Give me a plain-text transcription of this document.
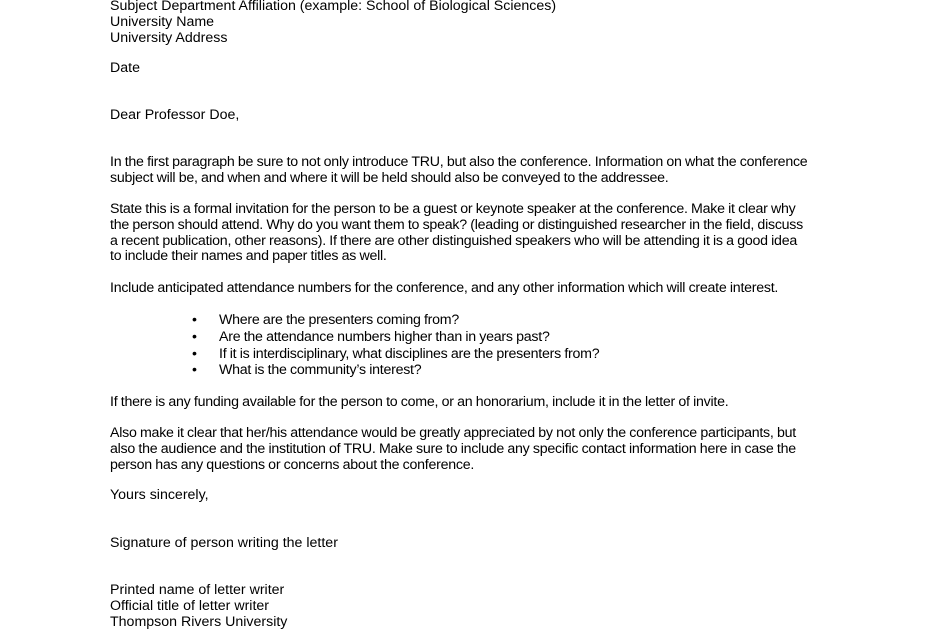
Subject Department Affiliation (example: School of Biological Sciences)
University Name
University Address
Date
Dear Professor Doe,
In the first paragraph be sure to not only introduce TRU, but also the conference. Information on what the conference
subject will be, and when and where it will be held should also be conveyed to the addressee.
State this is a formal invitation for the person to be a guest or keynote speaker at the conference. Make it clear why
the person should attend. Why do you want them to speak? (leading or distinguished researcher in the field, discuss
a recent publication, other reasons). If there are other distinguished speakers who will be attending it is a good idea
to include their names and paper titles as well.
Include anticipated attendance numbers for the conference, and any other information which will create interest.
• Where are the presenters coming from?
• Are the attendance numbers higher than in years past?
• If it is interdisciplinary, what disciplines are the presenters from?
• What is the community’s interest?
If there is any funding available for the person to come, or an honorarium, include it in the letter of invite.
Also make it clear that her/his attendance would be greatly appreciated by not only the conference participants, but
also the audience and the institution of TRU. Make sure to include any specific contact information here in case the
person has any questions or concerns about the conference.
Yours sincerely,
Signature of person writing the letter
Printed name of letter writer
Official title of letter writer
Thompson Rivers University
